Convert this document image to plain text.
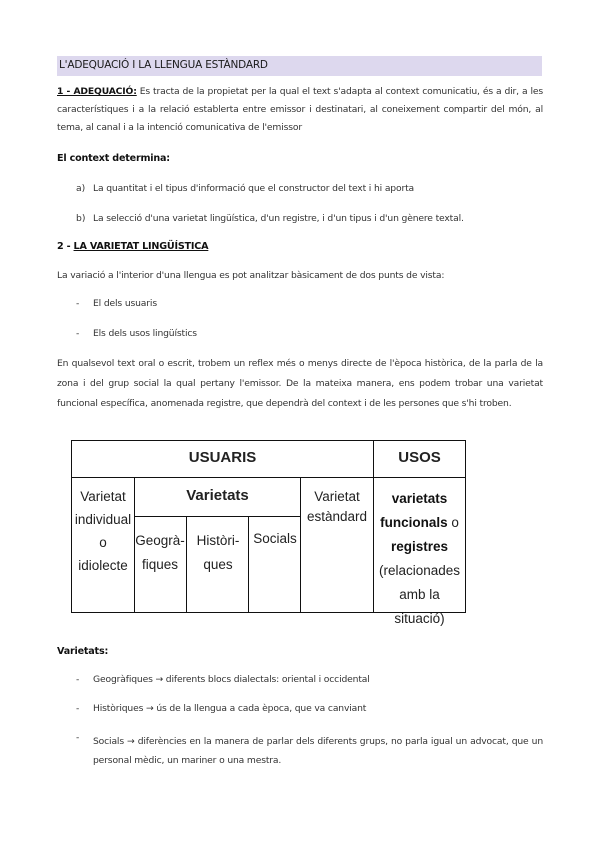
L'ADEQUACIÓ I LA LLENGUA ESTÀNDARD
1 - ADEQUACIÓ: Es tracta de la propietat per la qual el text s'adapta al context comunicatiu, és a dir, a les
característiques i a la relació establerta entre emissor i destinatari, al coneixement compartir del món, al
tema, al canal i a la intenció comunicativa de l'emissor
El context determina:
a) La quantitat i el tipus d'informació que el constructor del text i hi aporta
b) La selecció d'una varietat lingüística, d'un registre, i d'un tipus i d'un gènere textal.
2 - LA VARIETAT LINGÜÍSTICA
La variació a l'interior d'una llengua es pot analitzar bàsicament de dos punts de vista:
- El dels usuaris
- Els dels usos lingüístics
En qualsevol text oral o escrit, trobem un reflex més o menys directe de l'època històrica, de la parla de la
zona i del grup social la qual pertany l'emissor. De la mateixa manera, ens podem trobar una varietat
funcional específica, anomenada registre, que dependrà del context i de les persones que s'hi troben.
USUARIS	USOS
Varietat
individual
o
idiolecte
Varietats
Geogrà-
fiques
Històri-
ques
Socials
Varietat
estàndard
varietats
funcionals o
registres
(relacionades
amb la situació)
Varietats:
- Geogràfiques → diferents blocs dialectals: oriental i occidental
- Històriques → ús de la llengua a cada època, que va canviant
- Socials → diferències en la manera de parlar dels diferents grups, no parla igual un advocat, que un
personal mèdic, un mariner o una mestra.
